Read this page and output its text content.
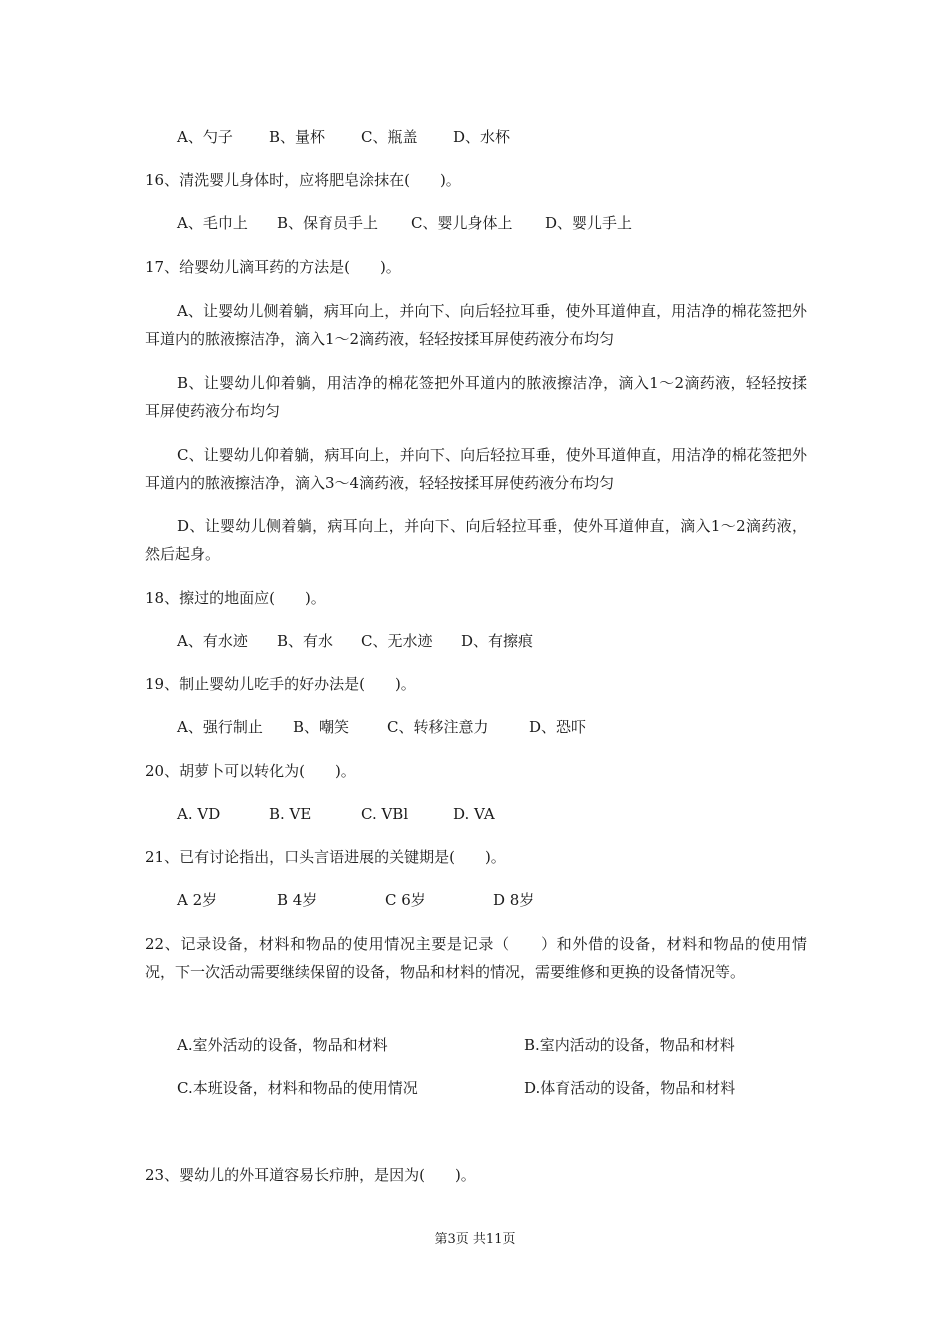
A、勺子	B、量杯	C、瓶盖	D、水杯
16、清洗婴儿身体时，应将肥皂涂抹在(　　)。
A、毛巾上	B、保育员手上	C、婴儿身体上	D、婴儿手上
17、给婴幼儿滴耳药的方法是(　　)。
A、让婴幼儿侧着躺，病耳向上，并向下、向后轻拉耳垂，使外耳道伸直，用洁净的棉花签把外耳道内的脓液擦洁净，滴入1～2滴药液，轻轻按揉耳屏使药液分布均匀
B、让婴幼儿仰着躺，用洁净的棉花签把外耳道内的脓液擦洁净，滴入1～2滴药液，轻轻按揉耳屏使药液分布均匀
C、让婴幼儿仰着躺，病耳向上，并向下、向后轻拉耳垂，使外耳道伸直，用洁净的棉花签把外耳道内的脓液擦洁净，滴入3～4滴药液，轻轻按揉耳屏使药液分布均匀
D、让婴幼儿侧着躺，病耳向上，并向下、向后轻拉耳垂，使外耳道伸直，滴入1～2滴药液，然后起身。
18、擦过的地面应(　　)。
A、有水迹	B、有水	C、无水迹	D、有擦痕
19、制止婴幼儿吃手的好办法是(　　)。
A、强行制止	B、嘲笑	C、转移注意力	D、恐吓
20、胡萝卜可以转化为(　　)。
A. VD	B. VE	C. VBl	D. VA
21、已有讨论指出，口头言语进展的关键期是(　　)。
A 2岁	B 4岁	C 6岁	D 8岁
22、记录设备，材料和物品的使用情况主要是记录（　　）和外借的设备，材料和物品的使用情况，下一次活动需要继续保留的设备，物品和材料的情况，需要维修和更换的设备情况等。
A.室外活动的设备，物品和材料	B.室内活动的设备，物品和材料
C.本班设备，材料和物品的使用情况	D.体育活动的设备，物品和材料
23、婴幼儿的外耳道容易长疖肿，是因为(　　)。
第3页 共11页
